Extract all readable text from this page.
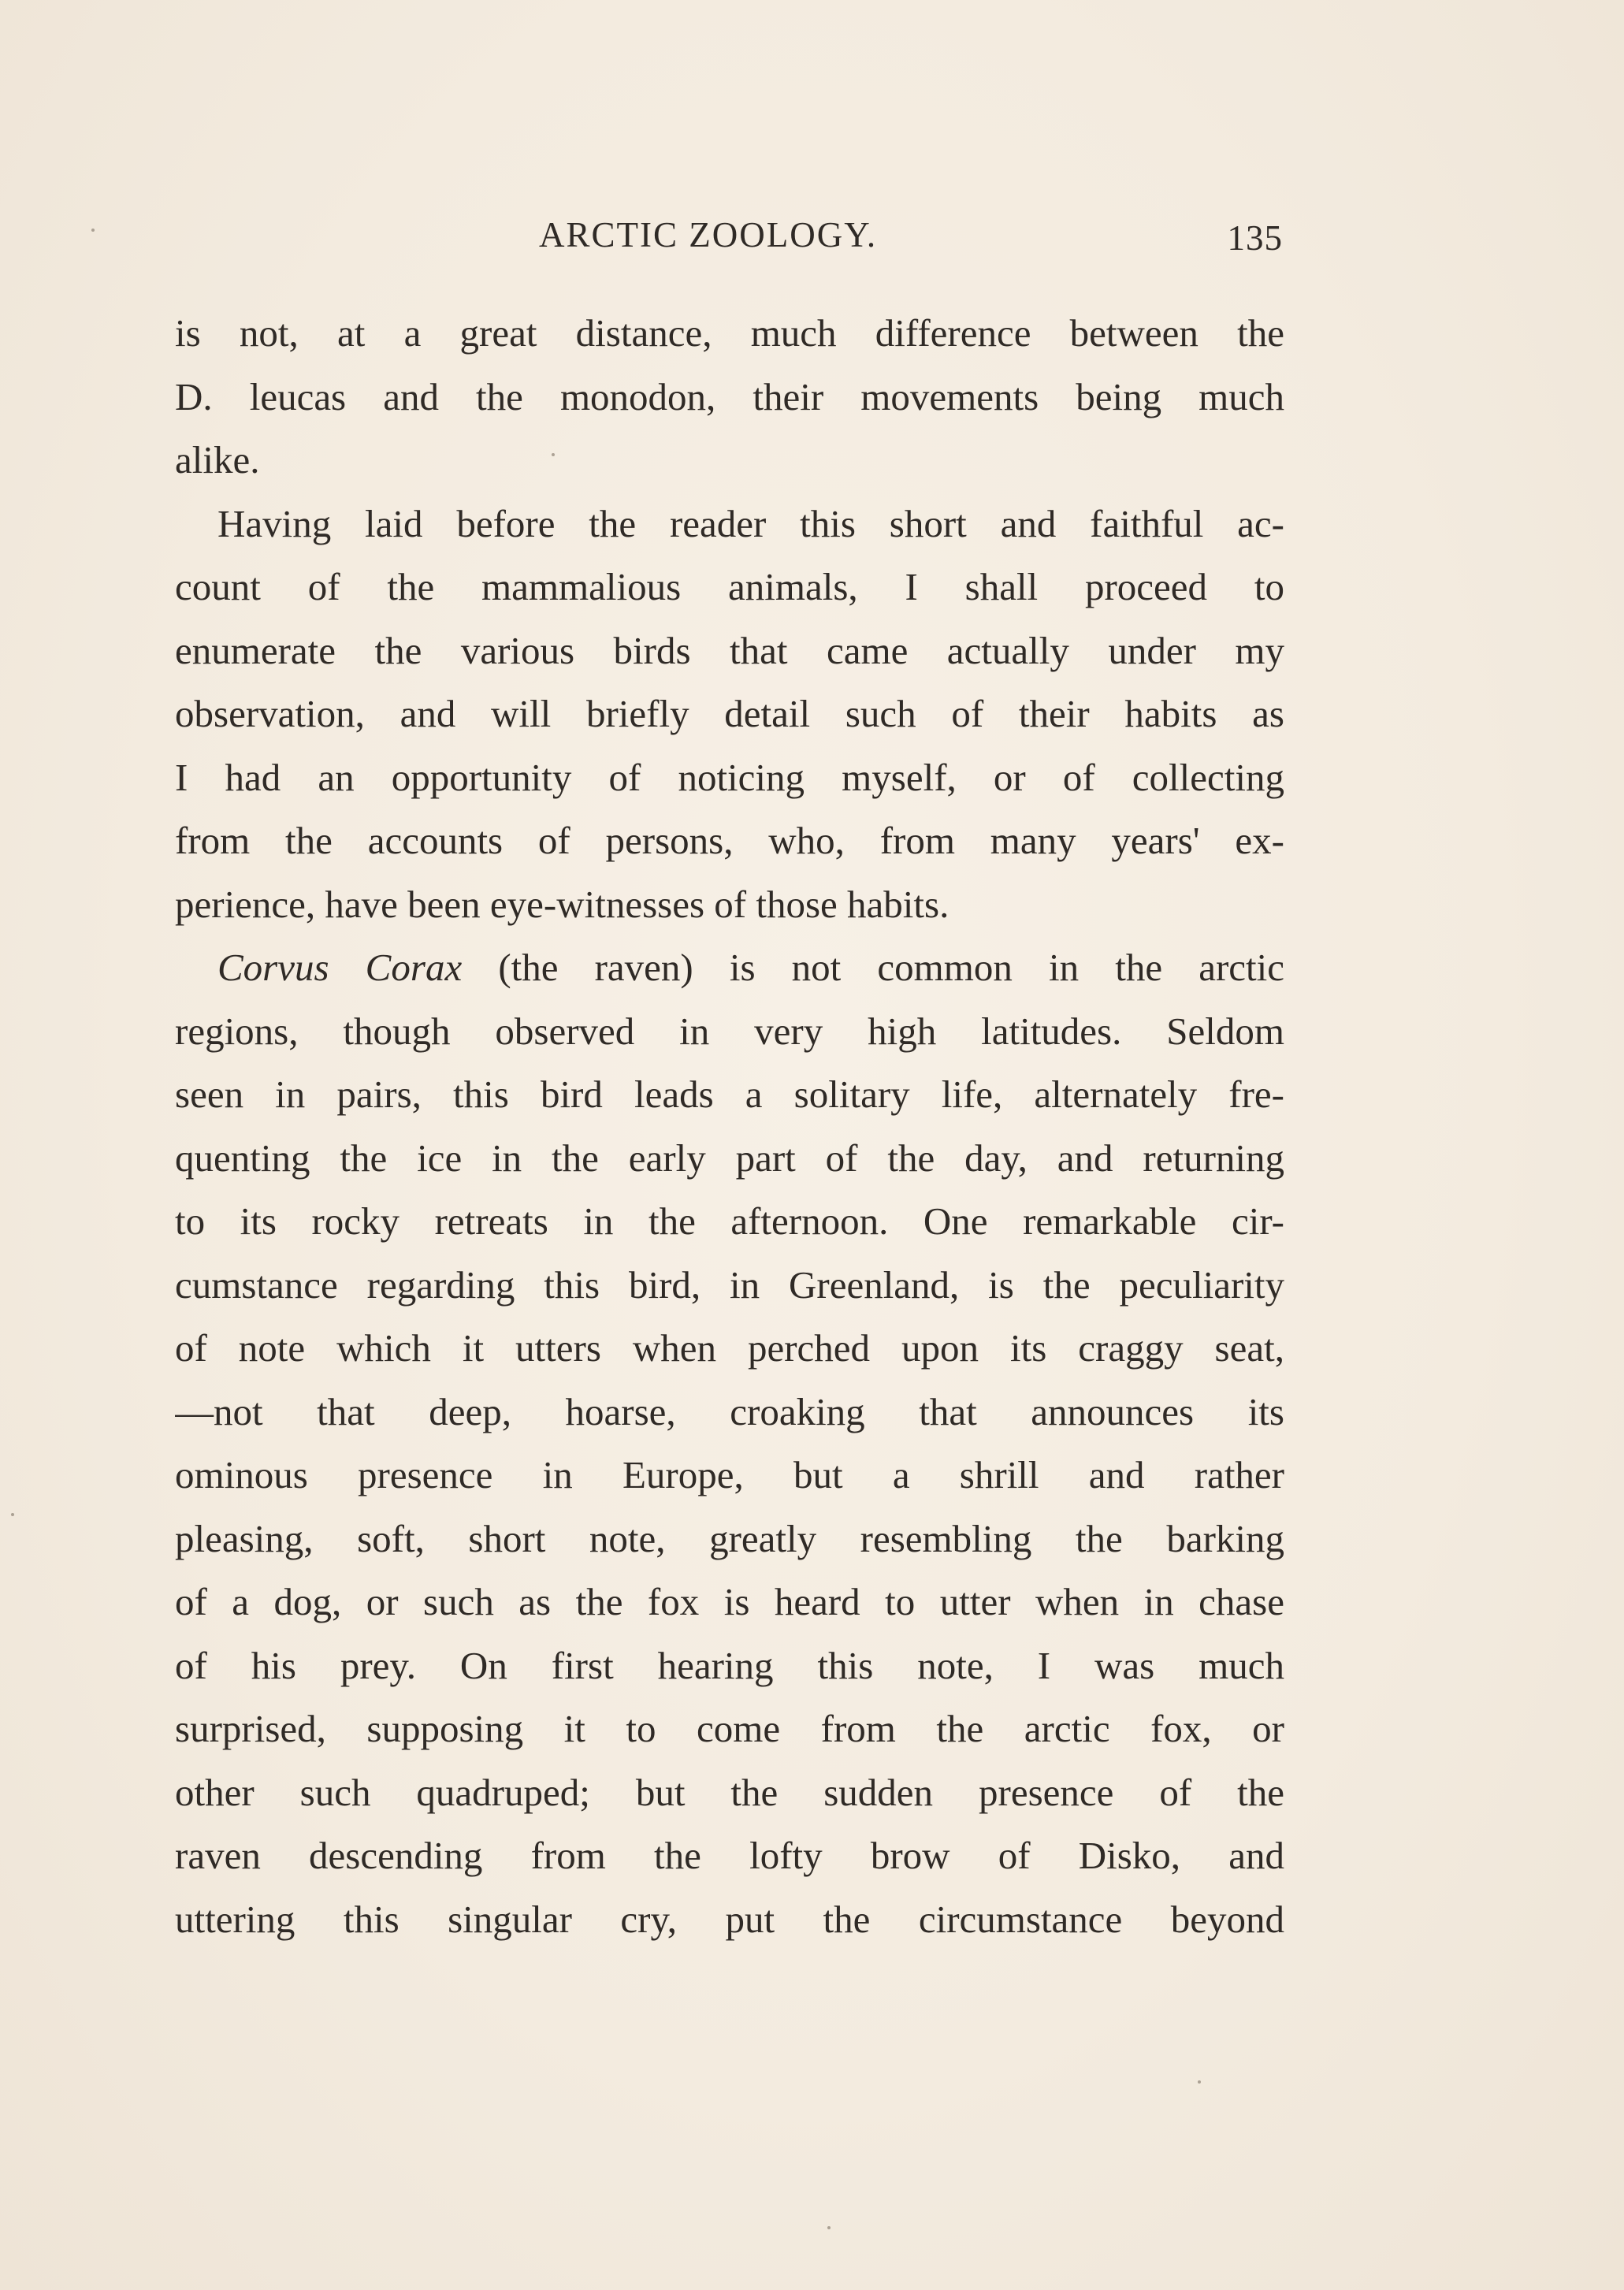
ARCTIC ZOOLOGY.	135
is not, at a great distance, much difference between the
D. leucas and the monodon, their movements being much
alike.
Having laid before the reader this short and faithful ac-
count of the mammalious animals, I shall proceed to
enumerate the various birds that came actually under my
observation, and will briefly detail such of their habits as
I had an opportunity of noticing myself, or of collecting
from the accounts of persons, who, from many years' ex-
perience, have been eye-witnesses of those habits.
Corvus Corax (the raven) is not common in the arctic
regions, though observed in very high latitudes. Seldom
seen in pairs, this bird leads a solitary life, alternately fre-
quenting the ice in the early part of the day, and returning
to its rocky retreats in the afternoon. One remarkable cir-
cumstance regarding this bird, in Greenland, is the peculiarity
of note which it utters when perched upon its craggy seat,
—not that deep, hoarse, croaking that announces its
ominous presence in Europe, but a shrill and rather
pleasing, soft, short note, greatly resembling the barking
of a dog, or such as the fox is heard to utter when in chase
of his prey. On first hearing this note, I was much
surprised, supposing it to come from the arctic fox, or
other such quadruped; but the sudden presence of the
raven descending from the lofty brow of Disko, and
uttering this singular cry, put the circumstance beyond
